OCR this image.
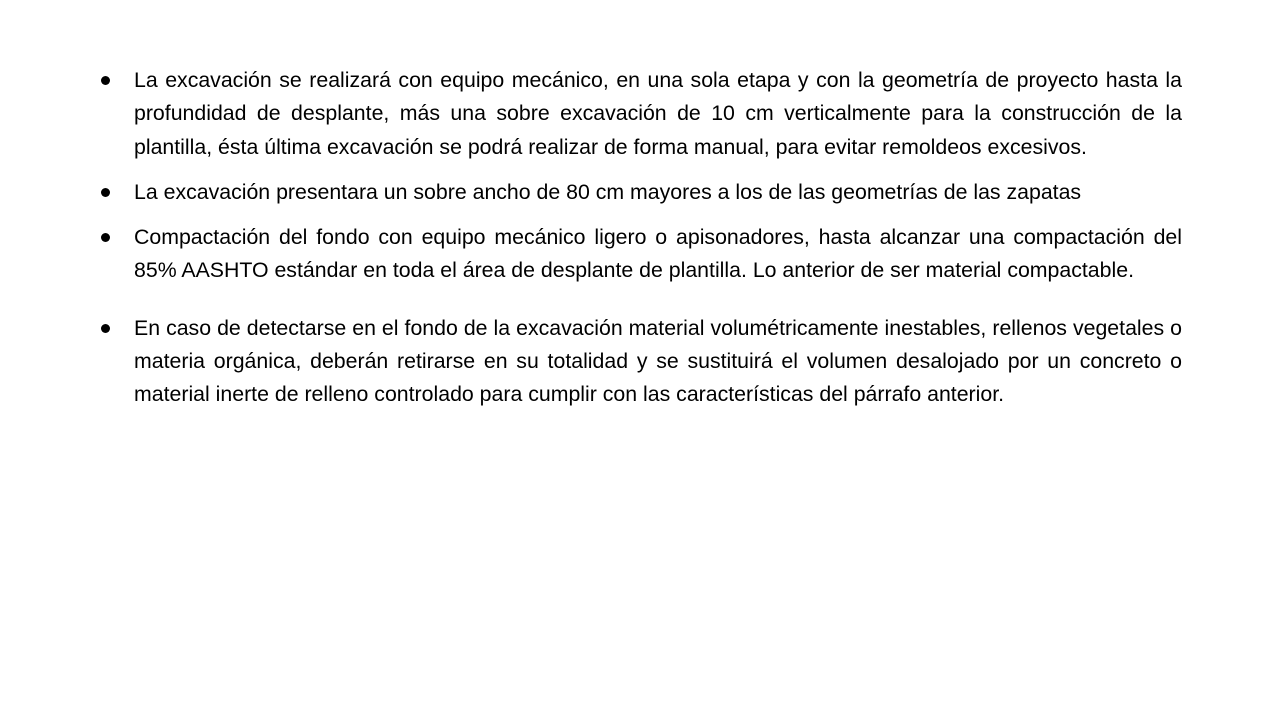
La excavación se realizará con equipo mecánico, en una sola etapa y con la geometría de proyecto hasta la profundidad de desplante, más una sobre excavación de 10 cm verticalmente para la construcción de la plantilla, ésta última excavación se podrá realizar de forma manual, para evitar remoldeos excesivos.
La excavación presentara un sobre ancho de 80 cm mayores a los de las geometrías de las zapatas
Compactación del fondo con equipo mecánico ligero o apisonadores, hasta alcanzar una compactación del 85% AASHTO estándar en toda el área de desplante de plantilla. Lo anterior de ser material compactable.
En caso de detectarse en el fondo de la excavación material volumétricamente inestables, rellenos vegetales o materia orgánica, deberán retirarse en su totalidad y se sustituirá el volumen desalojado por un concreto o material inerte de relleno controlado para cumplir con las características del párrafo anterior.
